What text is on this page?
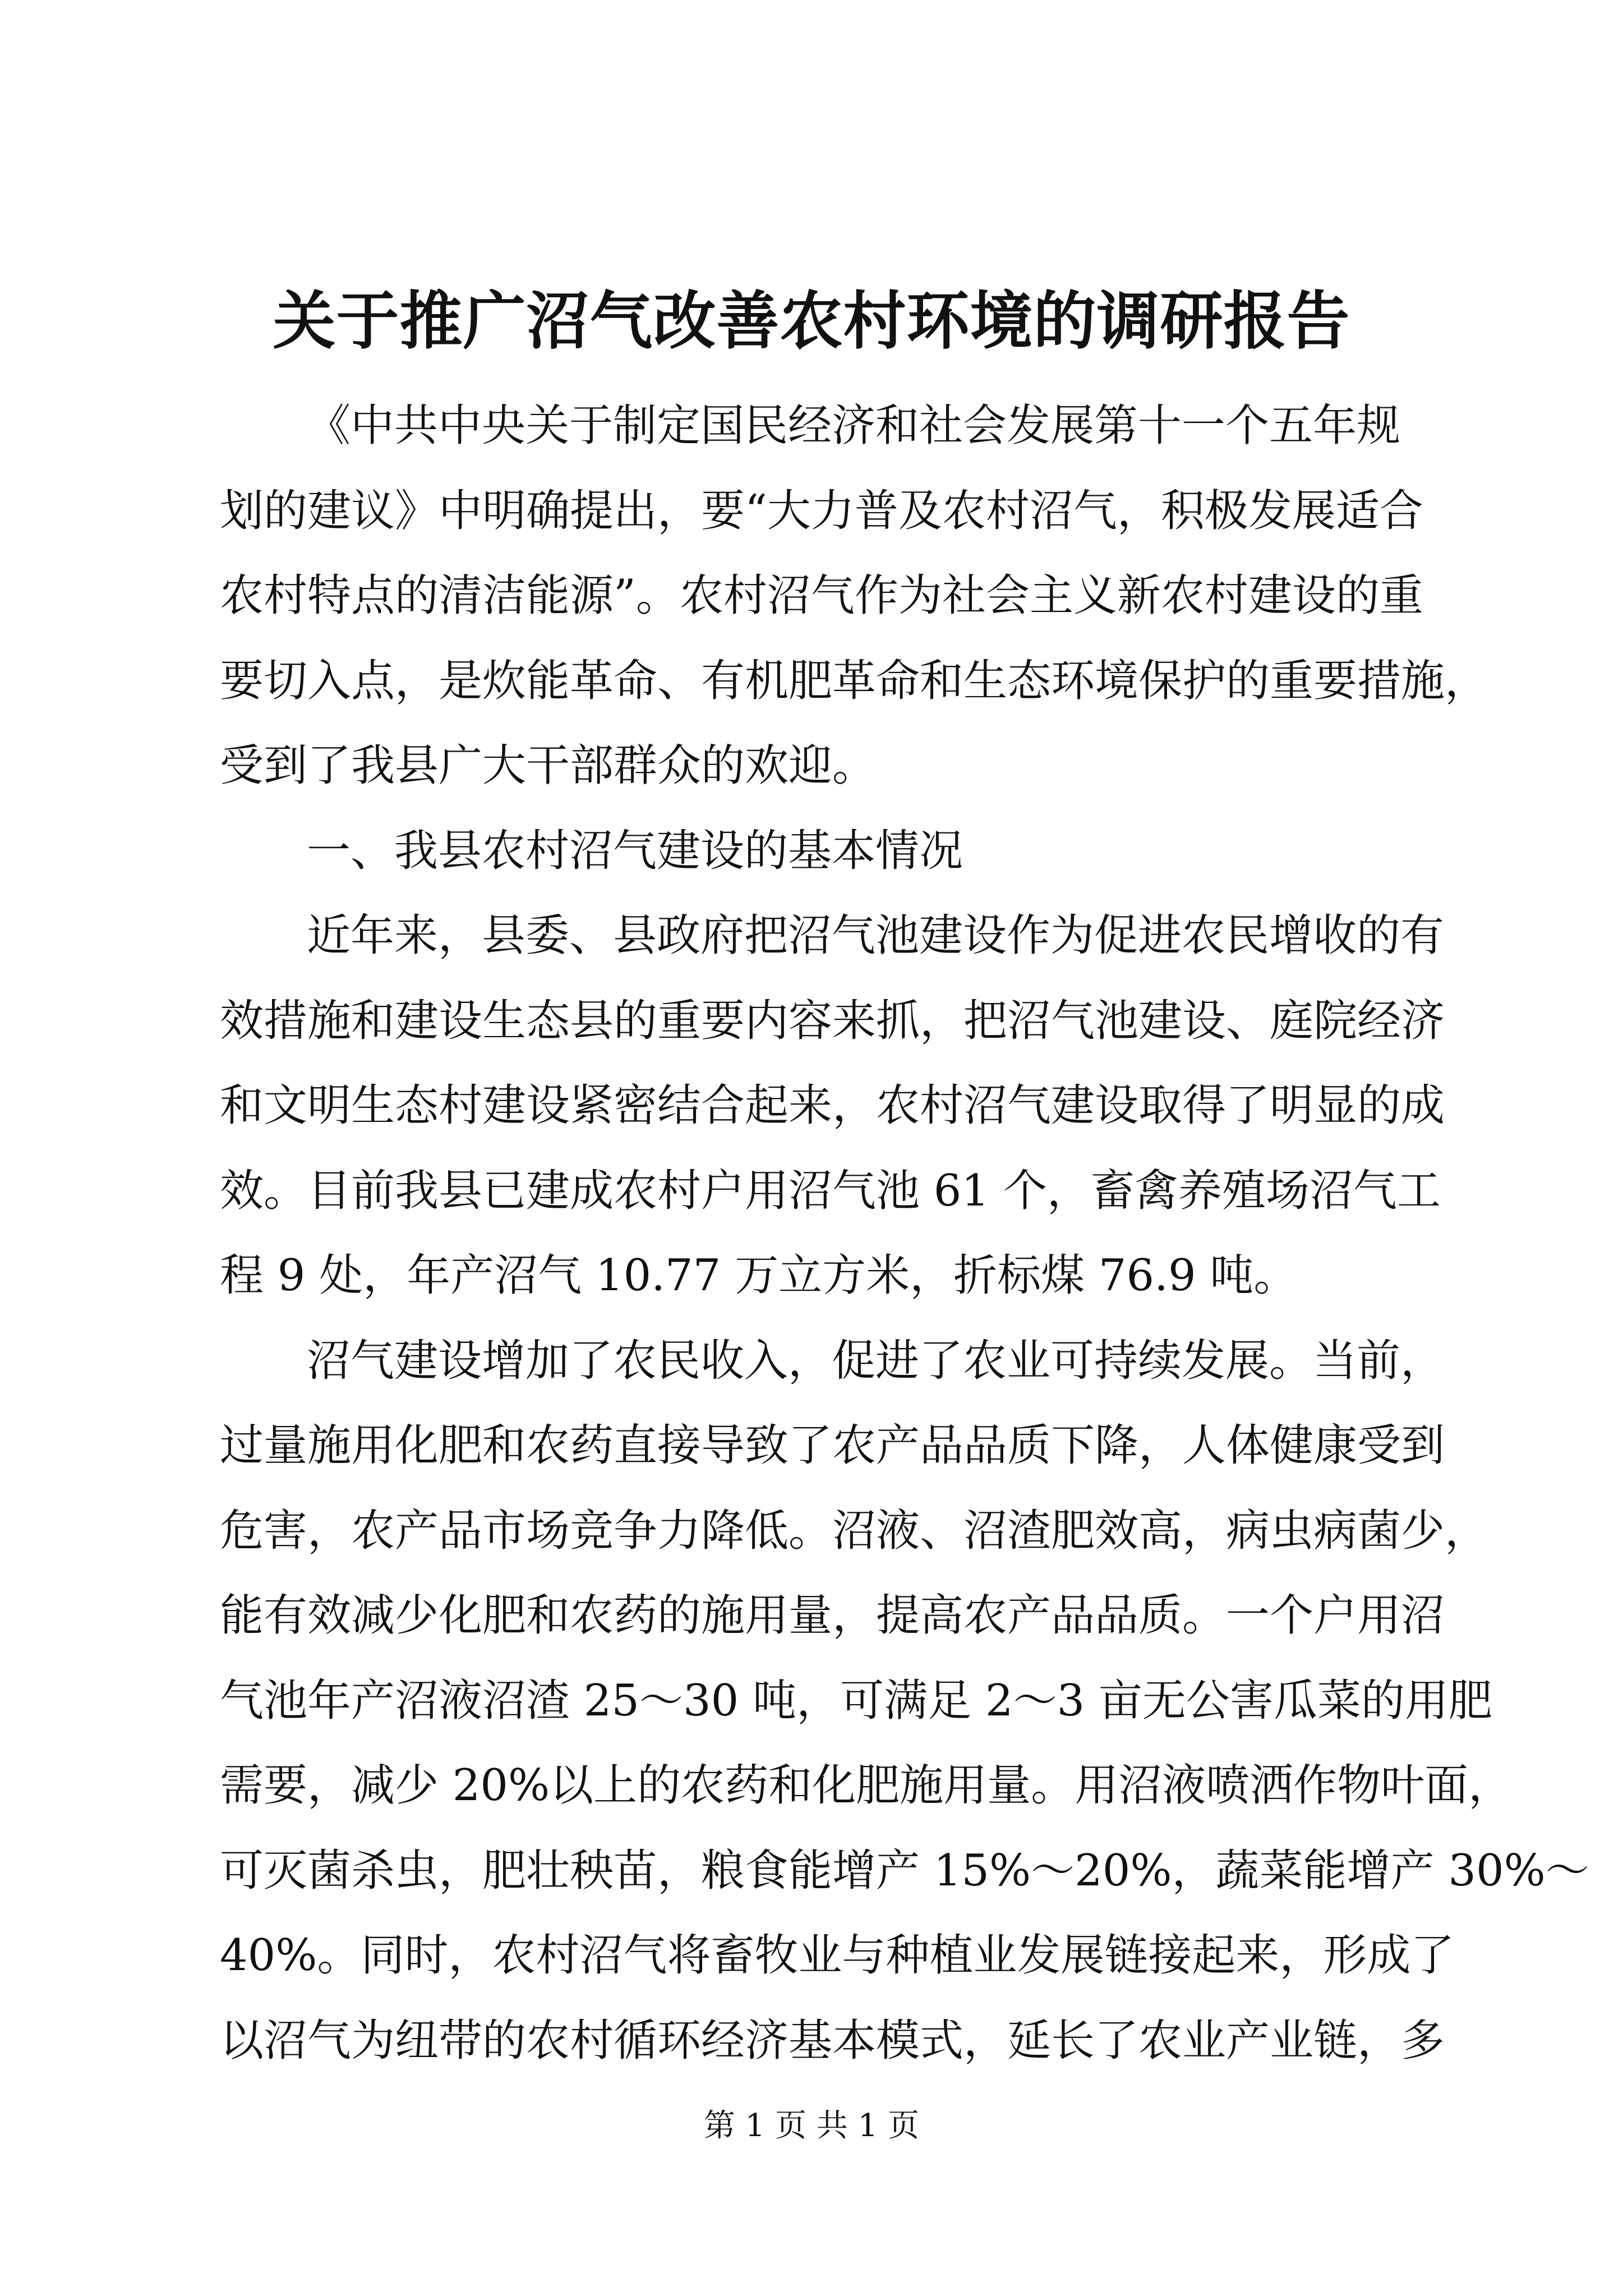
关于推广沼气改善农村环境的调研报告
《中共中央关于制定国民经济和社会发展第十一个五年规
划的建议》中明确提出，要“大力普及农村沼气，积极发展适合
农村特点的清洁能源”。农村沼气作为社会主义新农村建设的重
要切入点，是炊能革命、有机肥革命和生态环境保护的重要措施，
受到了我县广大干部群众的欢迎。
一、我县农村沼气建设的基本情况
近年来，县委、县政府把沼气池建设作为促进农民增收的有
效措施和建设生态县的重要内容来抓，把沼气池建设、庭院经济
和文明生态村建设紧密结合起来，农村沼气建设取得了明显的成
效。目前我县已建成农村户用沼气池 61 个，畜禽养殖场沼气工
程 9 处，年产沼气 10.77 万立方米，折标煤 76.9 吨。
沼气建设增加了农民收入，促进了农业可持续发展。当前，
过量施用化肥和农药直接导致了农产品品质下降，人体健康受到
危害，农产品市场竞争力降低。沼液、沼渣肥效高，病虫病菌少，
能有效减少化肥和农药的施用量，提高农产品品质。一个户用沼
气池年产沼液沼渣 25～30 吨，可满足 2～3 亩无公害瓜菜的用肥
需要，减少 20%以上的农药和化肥施用量。用沼液喷洒作物叶面，
可灭菌杀虫，肥壮秧苗，粮食能增产 15%～20%，蔬菜能增产 30%～
40%。同时，农村沼气将畜牧业与种植业发展链接起来，形成了
以沼气为纽带的农村循环经济基本模式，延长了农业产业链，多
第 1 页 共 1 页
